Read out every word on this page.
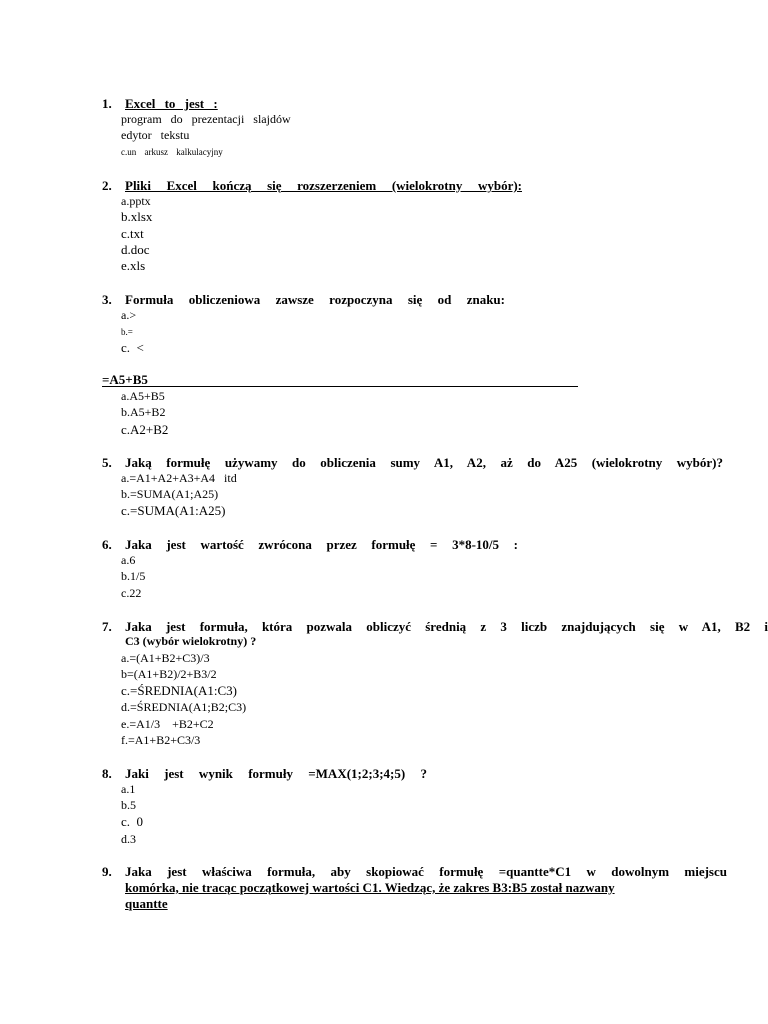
1. Excel to jest :
program do prezentacji slajdów
edytor tekstu
c.un arkusz kalkulacyjny
2. Pliki Excel kończą się rozszerzeniem (wielokrotny wybór):
a.pptx
b.xlsx
c.txt
d.doc
e.xls
3. Formuła obliczeniowa zawsze rozpoczyna się od znaku:
a.>
b.=
c.  <
=A5+B5
a.A5+B5
b.A5+B2
c.A2+B2
5. Jaką formułę używamy do obliczenia sumy A1, A2, aż do A25 (wielokrotny wybór)?
a.=A1+A2+A3+A4   itd
b.=SUMA(A1;A25)
c.=SUMA(A1:A25)
6. Jaka jest wartość zwrócona przez formułę = 3*8-10/5 :
a.6
b.1/5
c.22
7. Jaka jest formuła, która pozwala obliczyć średnią z 3 liczb znajdujących się w A1, B2 i
C3 (wybór wielokrotny) ?
a.=(A1+B2+C3)/3
b=(A1+B2)/2+B3/2
c.=ŚREDNIA(A1:C3)
d.=ŚREDNIA(A1;B2;C3)
e.=A1/3    +B2+C2
f.=A1+B2+C3/3
8. Jaki jest wynik formuły =MAX(1;2;3;4;5) ?
a.1
b.5
c.  0
d.3
9. Jaka jest właściwa formuła, aby skopiować formułę =quantte*C1 w dowolnym miejscu
komórka, nie tracąc początkowej wartości C1. Wiedząc, że zakres B3:B5 został nazwany
quantte
